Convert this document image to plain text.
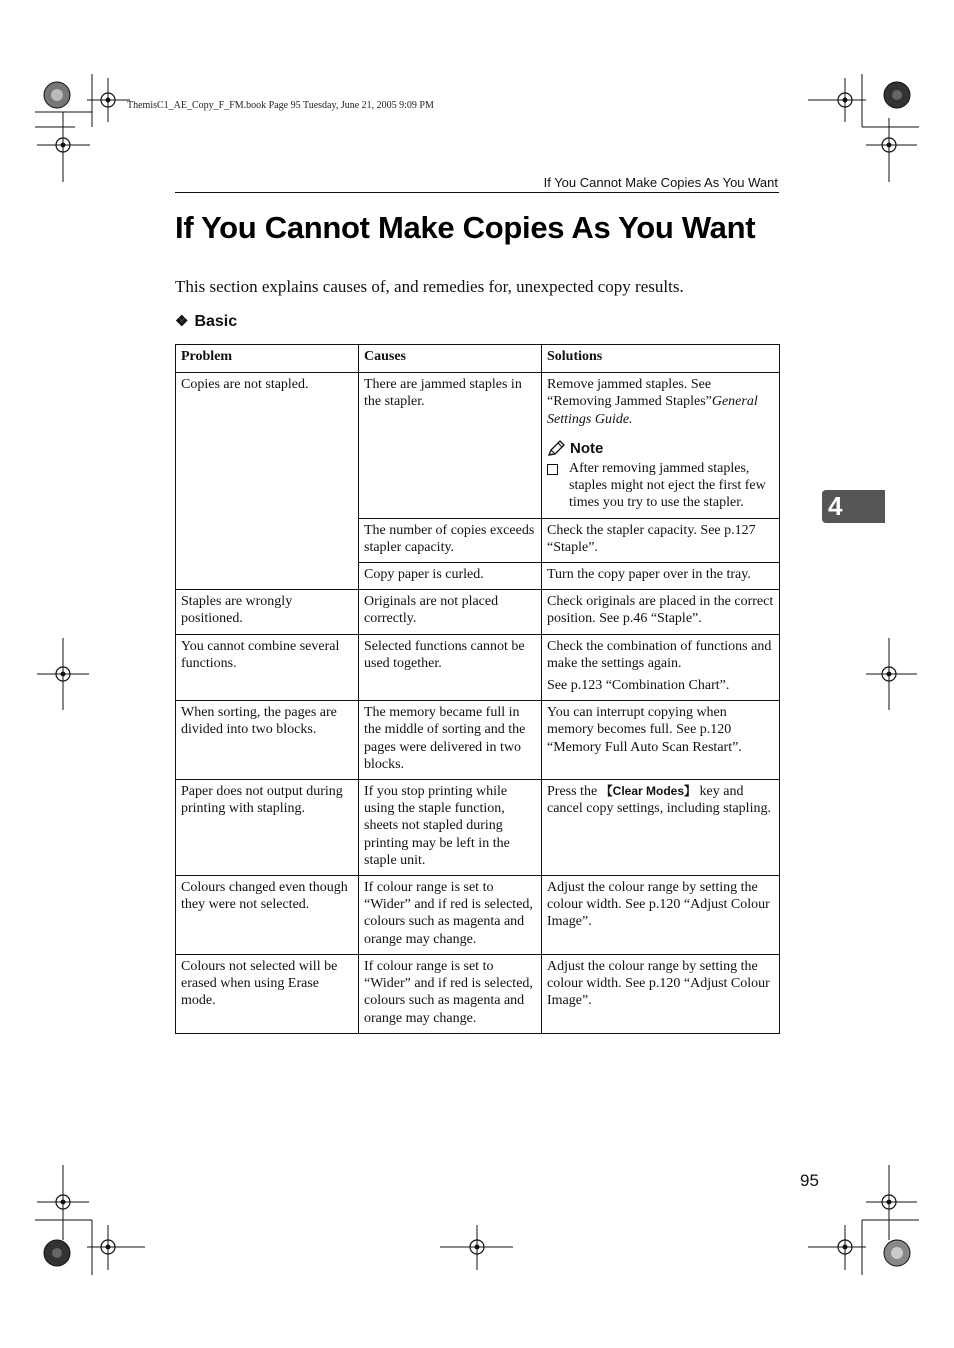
ThemisC1_AE_Copy_F_FM.book Page 95 Tuesday, June 21, 2005 9:09 PM
If You Cannot Make Copies As You Want
If You Cannot Make Copies As You Want
This section explains causes of, and remedies for, unexpected copy results.
❖ Basic
4
Problem	Causes	Solutions
Copies are not stapled.	There are jammed staples in the stapler.	Remove jammed staples. See “Removing Jammed Staples”General Settings Guide.
Note
After removing jammed staples, staples might not eject the first few times you try to use the stapler.

	The number of copies exceeds stapler capacity.	Check the stapler capacity. See p.127 “Staple”.
	Copy paper is curled.	Turn the copy paper over in the tray.
Staples are wrongly positioned.	Originals are not placed correctly.	Check originals are placed in the correct position. See p.46 “Staple”.
You cannot combine several functions.	Selected functions cannot be used together.	Check the combination of functions and make the settings again.
See p.123 “Combination Chart”.

When sorting, the pages are divided into two blocks.	The memory became full in the middle of sorting and the pages were delivered in two blocks.	You can interrupt copying when memory becomes full. See p.120 “Memory Full Auto Scan Restart”.
Paper does not output during printing with stapling.	If you stop printing while using the staple function, sheets not stapled during printing may be left in the staple unit.	Press the 【Clear Modes】 key and cancel copy settings, including stapling.
Colours changed even though they were not selected.	If colour range is set to “Wider” and if red is selected, colours such as magenta and orange may change.	Adjust the colour range by setting the colour width. See p.120 “Adjust Colour Image”.
Colours not selected will be erased when using Erase mode.	If colour range is set to “Wider” and if red is selected, colours such as magenta and orange may change.	Adjust the colour range by setting the colour width. See p.120 “Adjust Colour Image”.
95
